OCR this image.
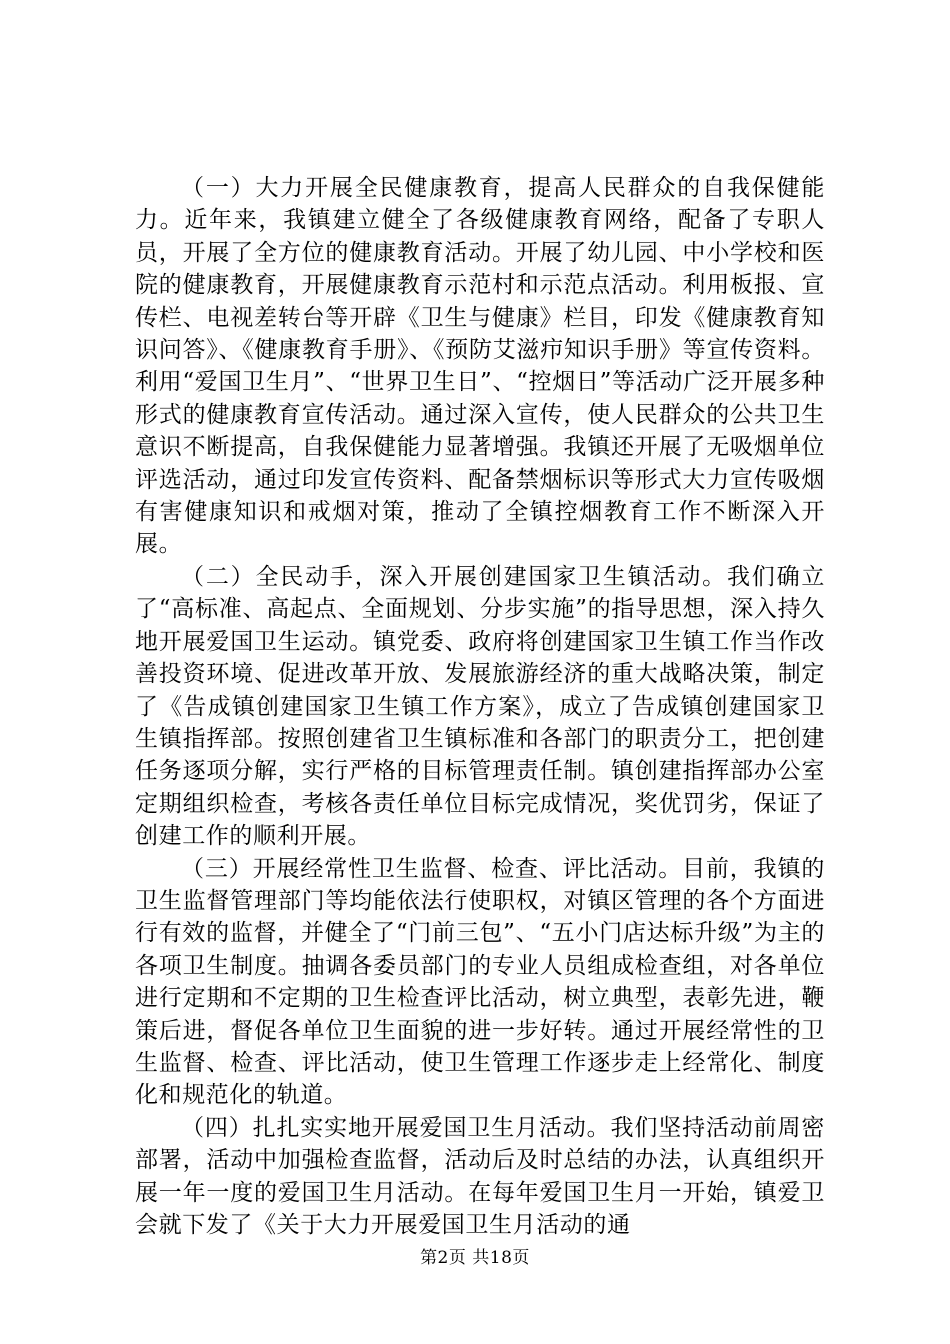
（一）大力开展全民健康教育，提高人民群众的自我保健能力。近年来，我镇建立健全了各级健康教育网络，配备了专职人员，开展了全方位的健康教育活动。开展了幼儿园、中小学校和医院的健康教育，开展健康教育示范村和示范点活动。利用板报、宣传栏、电视差转台等开辟《卫生与健康》栏目，印发《健康教育知识问答》、《健康教育手册》、《预防艾滋疖知识手册》等宣传资料。利用“爱国卫生月”、“世界卫生日”、“控烟日”等活动广泛开展多种形式的健康教育宣传活动。通过深入宣传，使人民群众的公共卫生意识不断提高，自我保健能力显著增强。我镇还开展了无吸烟单位评选活动，通过印发宣传资料、配备禁烟标识等形式大力宣传吸烟有害健康知识和戒烟对策，推动了全镇控烟教育工作不断深入开展。

（二）全民动手，深入开展创建国家卫生镇活动。我们确立了“高标准、高起点、全面规划、分步实施”的指导思想，深入持久地开展爱国卫生运动。镇党委、政府将创建国家卫生镇工作当作改善投资环境、促进改革开放、发展旅游经济的重大战略决策，制定了《告成镇创建国家卫生镇工作方案》，成立了告成镇创建国家卫生镇指挥部。按照创建省卫生镇标准和各部门的职责分工，把创建任务逐项分解，实行严格的目标管理责任制。镇创建指挥部办公室定期组织检查，考核各责任单位目标完成情况，奖优罚劣，保证了创建工作的顺利开展。

（三）开展经常性卫生监督、检查、评比活动。目前，我镇的卫生监督管理部门等均能依法行使职权，对镇区管理的各个方面进行有效的监督，并健全了“门前三包”、“五小门店达标升级”为主的各项卫生制度。抽调各委员部门的专业人员组成检查组，对各单位进行定期和不定期的卫生检查评比活动，树立典型，表彰先进，鞭策后进，督促各单位卫生面貌的进一步好转。通过开展经常性的卫生监督、检查、评比活动，使卫生管理工作逐步走上经常化、制度化和规范化的轨道。

（四）扎扎实实地开展爱国卫生月活动。我们坚持活动前周密部署，活动中加强检查监督，活动后及时总结的办法，认真组织开展一年一度的爱国卫生月活动。在每年爱国卫生月一开始，镇爱卫会就下发了《关于大力开展爱国卫生月活动的通

第2页 共18页
